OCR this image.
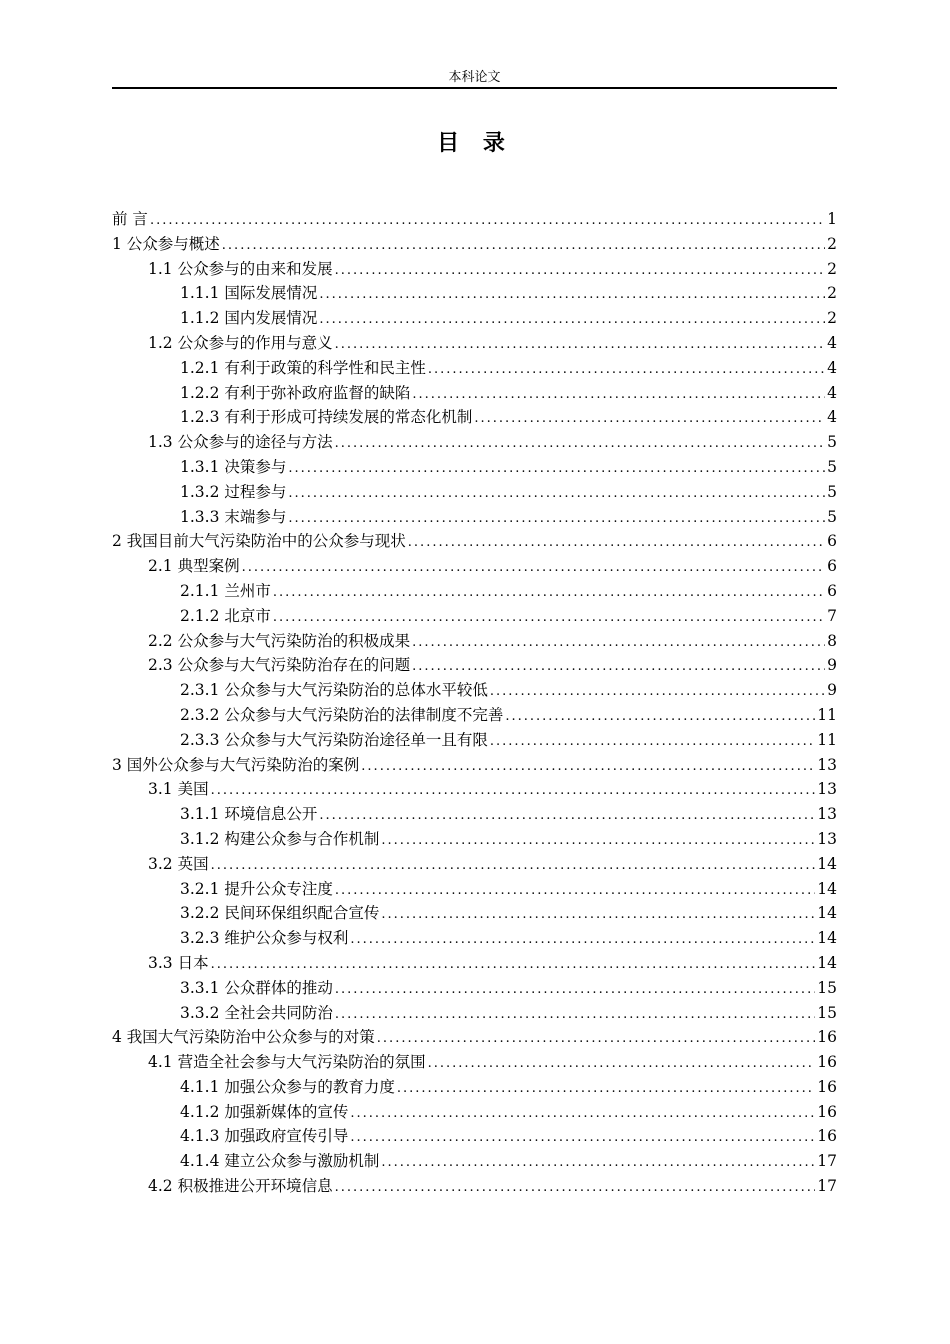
本科论文
目 录
前 言 .....	1
1 公众参与概述 .....	2
1.1 公众参与的由来和发展 .....	2
1.1.1 国际发展情况 .....	2
1.1.2 国内发展情况 .....	2
1.2 公众参与的作用与意义 .....	4
1.2.1 有利于政策的科学性和民主性 .....	4
1.2.2 有利于弥补政府监督的缺陷 .....	4
1.2.3 有利于形成可持续发展的常态化机制 .....	4
1.3 公众参与的途径与方法 .....	5
1.3.1 决策参与 .....	5
1.3.2 过程参与 .....	5
1.3.3 末端参与 .....	5
2 我国目前大气污染防治中的公众参与现状 .....	6
2.1 典型案例 .....	6
2.1.1 兰州市 .....	6
2.1.2 北京市 .....	7
2.2 公众参与大气污染防治的积极成果 .....	8
2.3 公众参与大气污染防治存在的问题 .....	9
2.3.1 公众参与大气污染防治的总体水平较低 .....	9
2.3.2 公众参与大气污染防治的法律制度不完善 .....	11
2.3.3 公众参与大气污染防治途径单一且有限 .....	11
3 国外公众参与大气污染防治的案例 .....	13
3.1 美国 .....	13
3.1.1 环境信息公开 .....	13
3.1.2 构建公众参与合作机制 .....	13
3.2 英国 .....	14
3.2.1 提升公众专注度 .....	14
3.2.2 民间环保组织配合宣传 .....	14
3.2.3 维护公众参与权利 .....	14
3.3 日本 .....	14
3.3.1 公众群体的推动 .....	15
3.3.2 全社会共同防治 .....	15
4 我国大气污染防治中公众参与的对策 .....	16
4.1 营造全社会参与大气污染防治的氛围 .....	16
4.1.1 加强公众参与的教育力度 .....	16
4.1.2 加强新媒体的宣传 .....	16
4.1.3 加强政府宣传引导 .....	16
4.1.4 建立公众参与激励机制 .....	17
4.2 积极推进公开环境信息 .....	17
